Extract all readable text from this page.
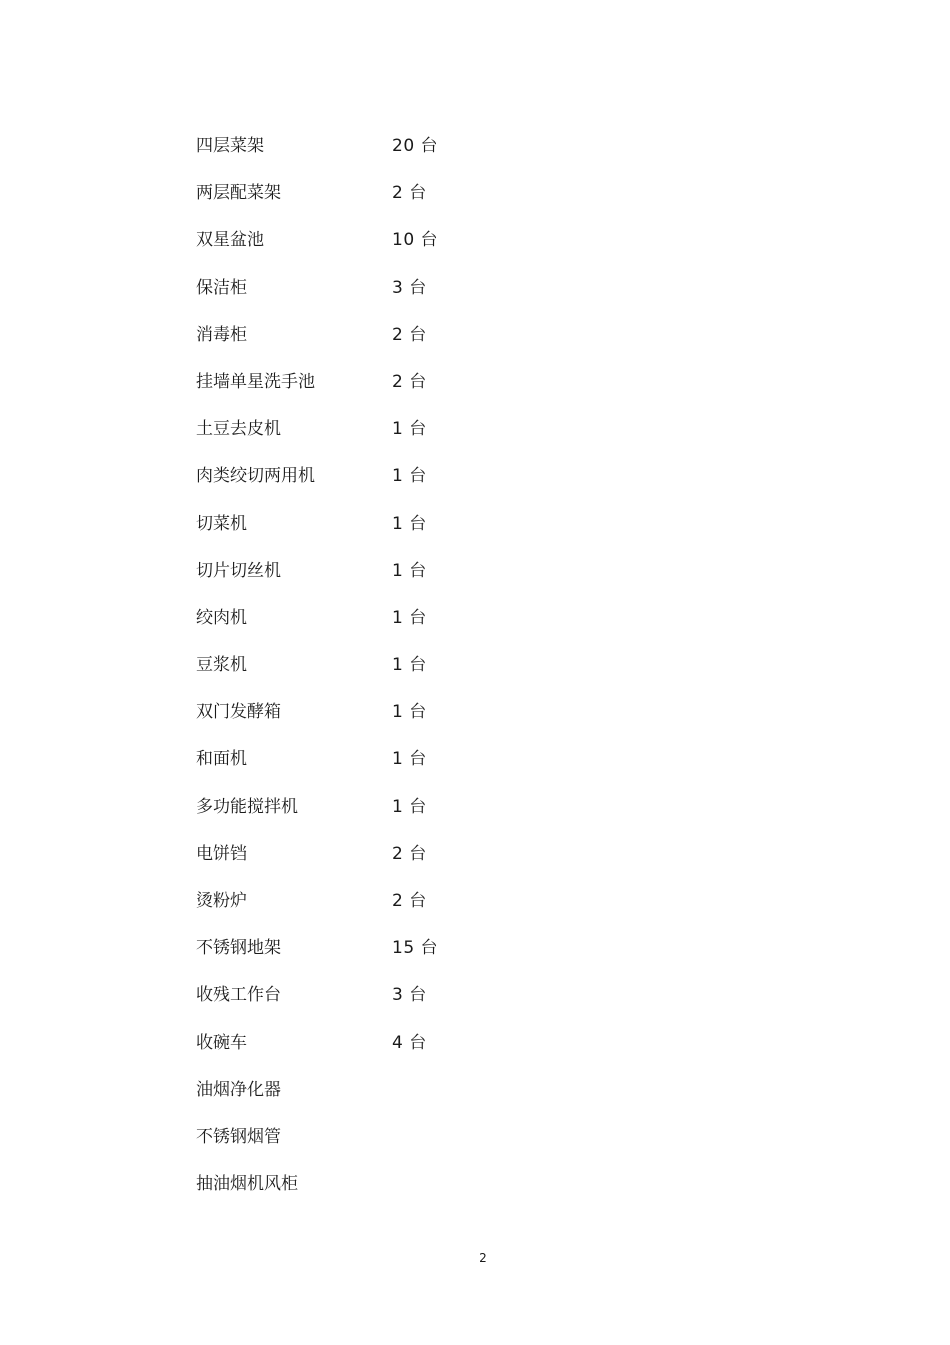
四层菜架	20 台
两层配菜架	2 台
双星盆池	10 台
保洁柜	3 台
消毒柜	2 台
挂墙单星洗手池	2 台
土豆去皮机	1 台
肉类绞切两用机	1 台
切菜机	1 台
切片切丝机	1 台
绞肉机	1 台
豆浆机	1 台
双门发酵箱	1 台
和面机	1 台
多功能搅拌机	1 台
电饼铛	2 台
烫粉炉	2 台
不锈钢地架	15 台
收残工作台	3 台
收碗车	4 台
油烟净化器
不锈钢烟管
抽油烟机风柜
2
